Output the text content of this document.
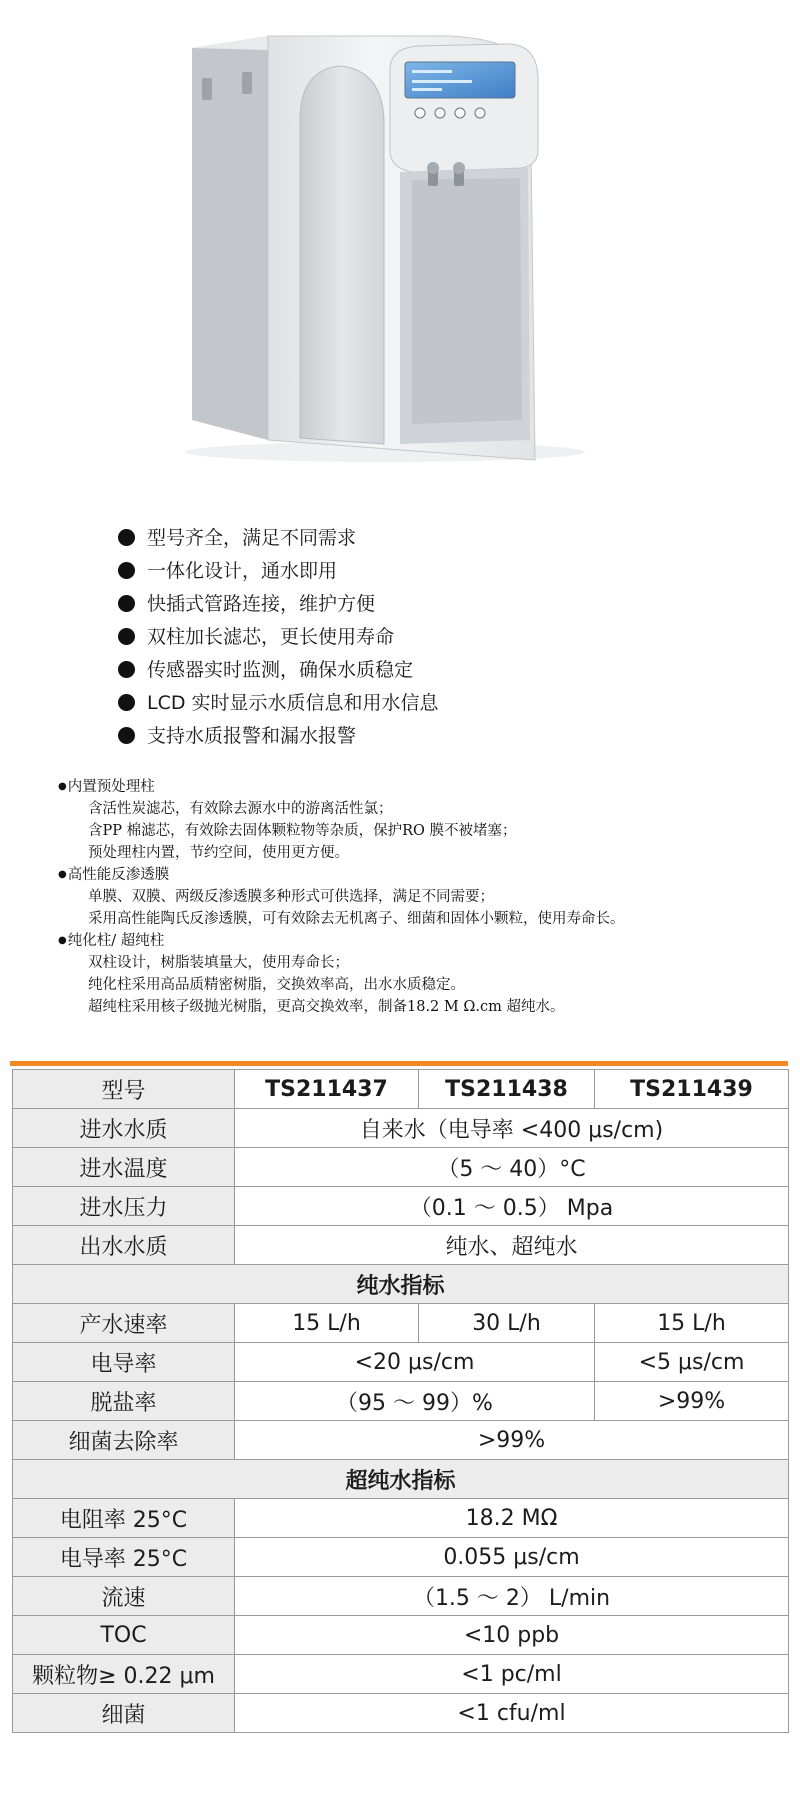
型号齐全，满足不同需求
一体化设计，通水即用
快插式管路连接，维护方便
双柱加长滤芯，更长使用寿命
传感器实时监测，确保水质稳定
LCD 实时显示水质信息和用水信息
支持水质报警和漏水报警
●内置预处理柱
含活性炭滤芯，有效除去源水中的游离活性氯；
含PP 棉滤芯，有效除去固体颗粒物等杂质，保护RO 膜不被堵塞；
预处理柱内置，节约空间，使用更方便。
●高性能反渗透膜
单膜、双膜、两级反渗透膜多种形式可供选择，满足不同需要；
采用高性能陶氏反渗透膜，可有效除去无机离子、细菌和固体小颗粒，使用寿命长。
●纯化柱/ 超纯柱
双柱设计，树脂装填量大，使用寿命长；
纯化柱采用高品质精密树脂，交换效率高，出水水质稳定。
超纯柱采用核子级抛光树脂，更高交换效率，制备18.2 M Ω.cm 超纯水。
型号	TS211437	TS211438	TS211439
进水水质	自来水（电导率 <400 μs/cm)		
进水温度	（5 ～ 40）°C		
进水压力	（0.1 ～ 0.5） Mpa		
出水水质	纯水、超纯水		
纯水指标			
产水速率	15 L/h	30 L/h	15 L/h
电导率	<20 μs/cm		<5 μs/cm
脱盐率	（95 ～ 99）%		>99%
细菌去除率	>99%		
超纯水指标			
电阻率 25°C	18.2 MΩ		
电导率 25°C	0.055 μs/cm		
流速	（1.5 ～ 2） L/min		
TOC	<10 ppb		
颗粒物≥ 0.22 μm	<1 pc/ml		
细菌	<1 cfu/ml		
